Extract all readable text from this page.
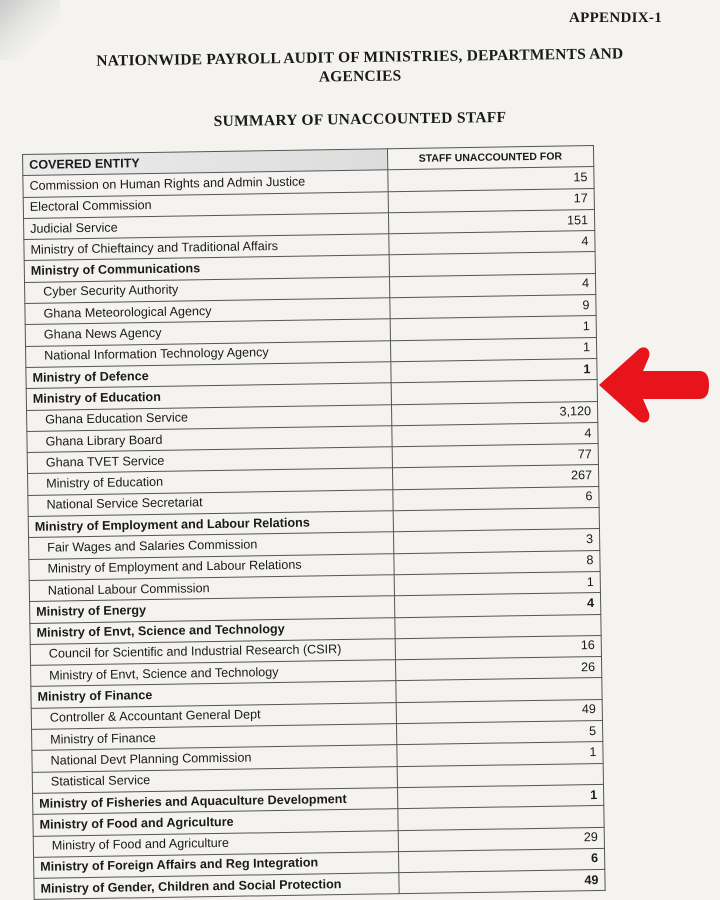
APPENDIX-1
NATIONWIDE PAYROLL AUDIT OF MINISTRIES, DEPARTMENTS AND
AGENCIES
SUMMARY OF UNACCOUNTED STAFF
COVERED ENTITY	STAFF UNACCOUNTED FOR
Commission on Human Rights and Admin Justice	15
Electoral Commission	17
Judicial Service	151
Ministry of Chieftaincy and Traditional Affairs	4
Ministry of Communications	
Cyber Security Authority	4
Ghana Meteorological Agency	9
Ghana News Agency	1
National Information Technology Agency	1
Ministry of Defence	1
Ministry of Education	
Ghana Education Service	3,120
Ghana Library Board	4
Ghana TVET Service	77
Ministry of Education	267
National Service Secretariat	6
Ministry of Employment and Labour Relations	
Fair Wages and Salaries Commission	3
Ministry of Employment and Labour Relations	8
National Labour Commission	1
Ministry of Energy	4
Ministry of Envt, Science and Technology	
Council for Scientific and Industrial Research (CSIR)	16
Ministry of Envt, Science and Technology	26
Ministry of Finance	
Controller & Accountant General Dept	49
Ministry of Finance	5
National Devt Planning Commission	1
Statistical Service	
Ministry of Fisheries and Aquaculture Development	1
Ministry of Food and Agriculture	
Ministry of Food and Agriculture	29
Ministry of Foreign Affairs and Reg Integration	6
Ministry of Gender, Children and Social Protection	49
